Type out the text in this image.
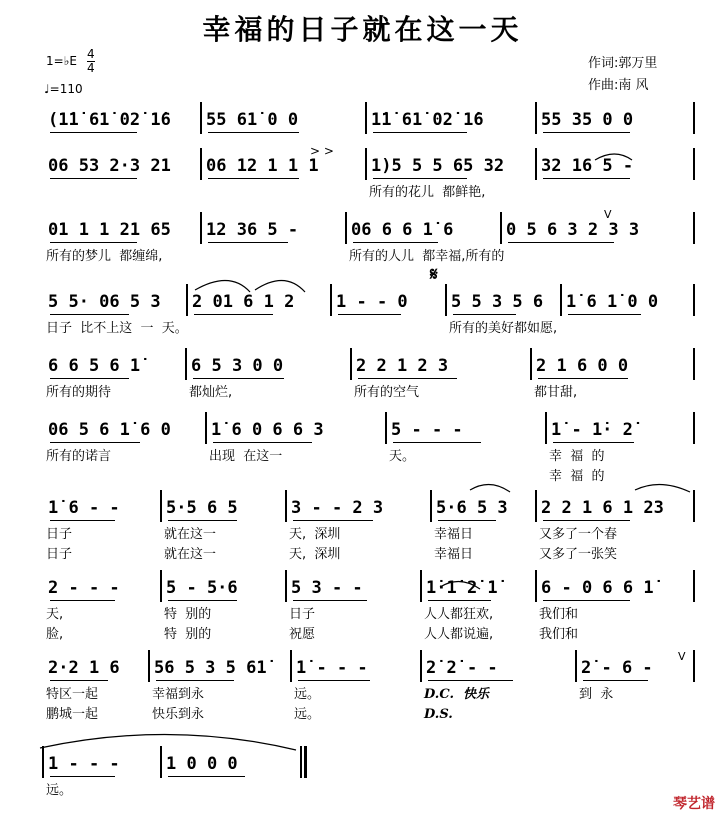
幸福的日子就在这一天
1=♭E 4
4
♩=110
作词:郭万里
作曲:南 风
(1̇1̇ 61̇ 02̇ 1̇6	55 61̇ 0 0	1̇1̇ 61̇ 02̇ 1̇6	55 35 0 0
06 53 2·3 21	06 12 1 1 1	1)5 5 5 65 32	32 16 5 -
所有的花儿  都鲜艳,
01 1 1 21 65	12 36 5 -	06 6 6 1̇ 6	0 5 6 3 2 3 3
所有的梦儿  都缠绵,	所有的人儿  都幸福,所有的
5 5· 06 5 3	2 01 6 1 2	1 - - 0	5 5 3 5 6	1̇ 6 1̇ 0 0
日子  比不上这  一  天。	所有的美好都如愿,
6 6 5 6 1̇	6 5 3 0 0	2 2 1 2 3	2 1 6 0 0
所有的期待	都灿烂,	所有的空气	都甘甜,
06 5 6 1̇ 6 0	1̇ 6 0 6 6 3	5 - - -	1̇ - 1̇· 2̇
所有的诺言	出现  在这一	天。	幸  福  的
幸  福  的
1̇ 6 - -	5·5 6 5	3 - - 2 3	5·6 5 3	2 2 1 6 1 23
日子	就在这一	天,  深圳	幸福日	又多了一个春
日子	就在这一	天,  深圳	幸福日	又多了一张笑
2 - - -	5 - 5·6	5 3 - -	1̇·1̇ 2̇ 1̇	6 - 0 6 6 1̇
天,	特  别的	日子	人人都狂欢,	我们和
脸,	特  别的	祝愿	人人都说遍,	我们和
2·2 1 6	56 5 3 5 61̇	1̇ - - -	2̇ 2̇ - -	2̇ - 6 -
特区一起	幸福到永	远。	D.C.  快乐	到  永
鹏城一起	快乐到永	远。	D.S.
1 - - -	1 0 0 0
远。
𝄋
V
V
> >
琴艺谱
